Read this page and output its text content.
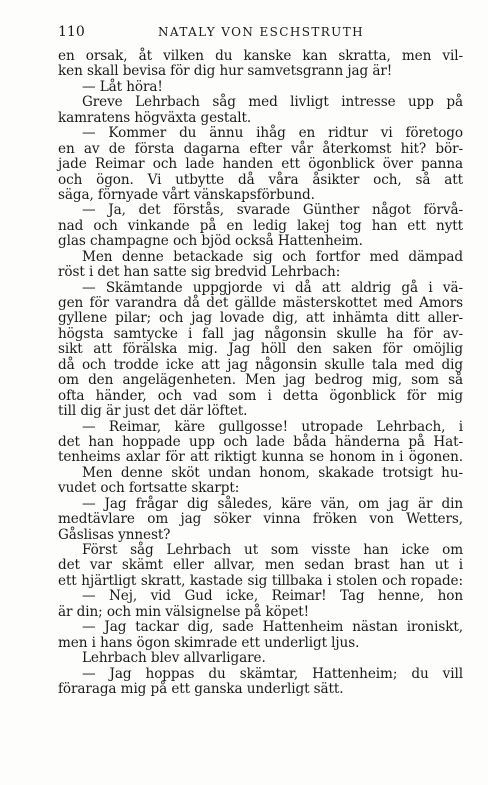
110	NATALY VON ESCHSTRUTH
en orsak, åt vilken du kanske kan skratta, men vil-
ken skall bevisa för dig hur samvetsgrann jag är!
— Låt höra!
Greve Lehrbach såg med livligt intresse upp på
kamratens högväxta gestalt.
— Kommer du ännu ihåg en ridtur vi företogo
en av de första dagarna efter vår återkomst hit? bör-
jade Reimar och lade handen ett ögonblick över panna
och ögon. Vi utbytte då våra åsikter och, så att
säga, förnyade vårt vänskapsförbund.
— Ja, det förstås, svarade Günther något förvå-
nad och vinkande på en ledig lakej tog han ett nytt
glas champagne och bjöd också Hattenheim.
Men denne betackade sig och fortfor med dämpad
röst i det han satte sig bredvid Lehrbach:
— Skämtande uppgjorde vi då att aldrig gå i vä-
gen för varandra då det gällde mästerskottet med Amors
gyllene pilar; och jag lovade dig, att inhämta ditt aller-
högsta samtycke i fall jag någonsin skulle ha för av-
sikt att förälska mig. Jag höll den saken för omöjlig
då och trodde icke att jag någonsin skulle tala med dig
om den angelägenheten. Men jag bedrog mig, som så
ofta händer, och vad som i detta ögonblick för mig
till dig är just det där löftet.
— Reimar, käre gullgosse! utropade Lehrbach, i
det han hoppade upp och lade båda händerna på Hat-
tenheims axlar för att riktigt kunna se honom in i ögonen.
Men denne sköt undan honom, skakade trotsigt hu-
vudet och fortsatte skarpt:
— Jag frågar dig således, käre vän, om jag är din
medtävlare om jag söker vinna fröken von Wetters,
Gåslisas ynnest?
Först såg Lehrbach ut som visste han icke om
det var skämt eller allvar, men sedan brast han ut i
ett hjärtligt skratt, kastade sig tillbaka i stolen och ropade:
— Nej, vid Gud icke, Reimar! Tag henne, hon
är din; och min välsignelse på köpet!
— Jag tackar dig, sade Hattenheim nästan ironiskt,
men i hans ögon skimrade ett underligt ljus.
Lehrbach blev allvarligare.
— Jag hoppas du skämtar, Hattenheim; du vill
föraraga mig på ett ganska underligt sätt.
